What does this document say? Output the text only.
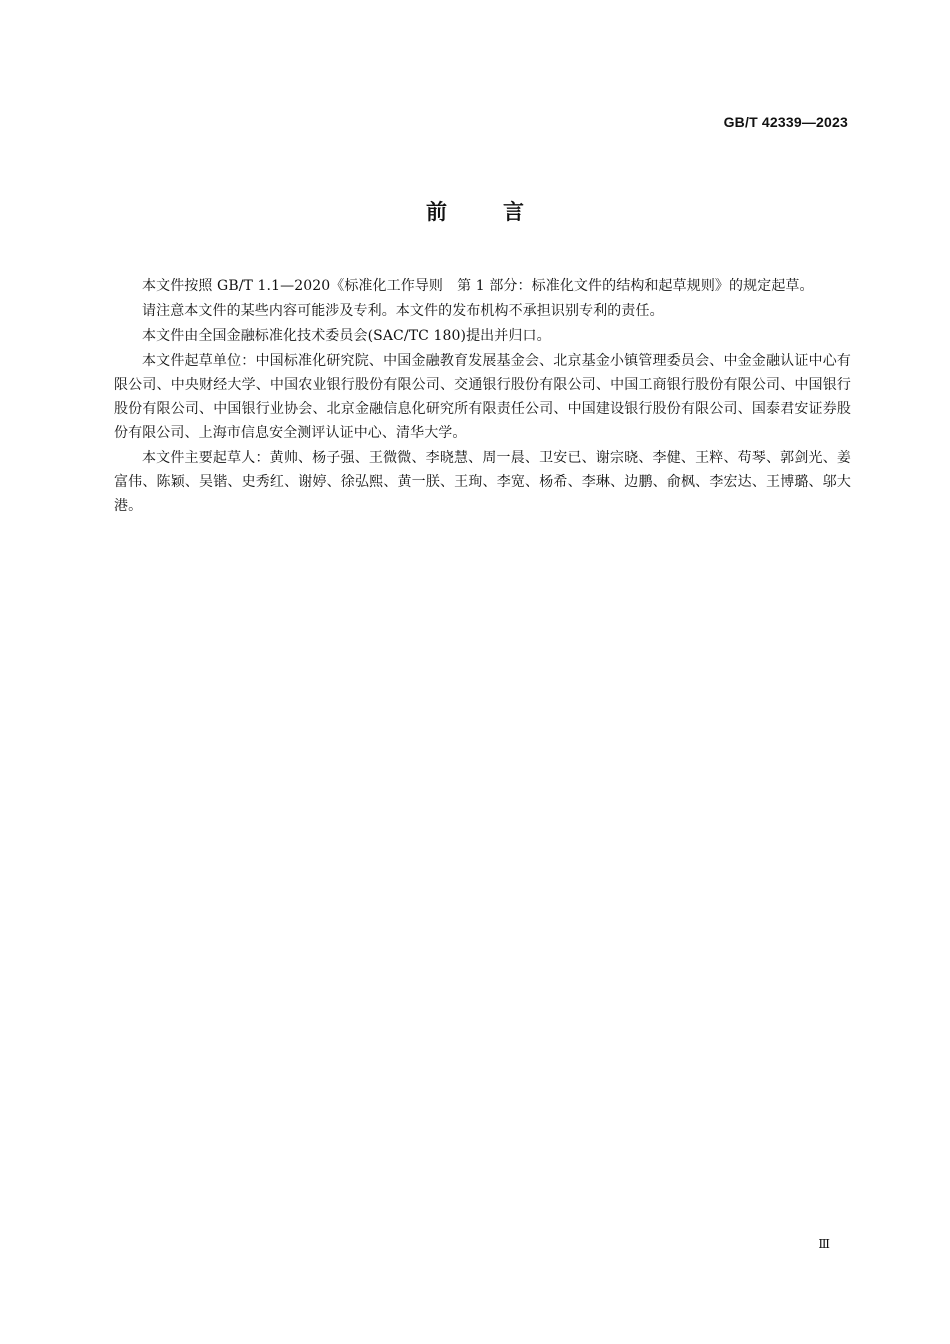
GB/T 42339—2023
前言

本文件按照 GB/T 1.1—2020《标准化工作导则　第 1 部分：标准化文件的结构和起草规则》的规定起草。

请注意本文件的某些内容可能涉及专利。本文件的发布机构不承担识别专利的责任。

本文件由全国金融标准化技术委员会(SAC/TC 180)提出并归口。

本文件起草单位：中国标准化研究院、中国金融教育发展基金会、北京基金小镇管理委员会、中金金融认证中心有限公司、中央财经大学、中国农业银行股份有限公司、交通银行股份有限公司、中国工商银行股份有限公司、中国银行股份有限公司、中国银行业协会、北京金融信息化研究所有限责任公司、中国建设银行股份有限公司、国泰君安证券股份有限公司、上海市信息安全测评认证中心、清华大学。

本文件主要起草人：黄帅、杨子强、王微微、李晓慧、周一晨、卫安已、谢宗晓、李健、王粹、苟琴、郭剑光、姜富伟、陈颖、吴锴、史秀红、谢婷、徐弘熙、黄一朕、王珣、李宽、杨希、李琳、边鹏、俞枫、李宏达、王博璐、邬大港。

Ⅲ
